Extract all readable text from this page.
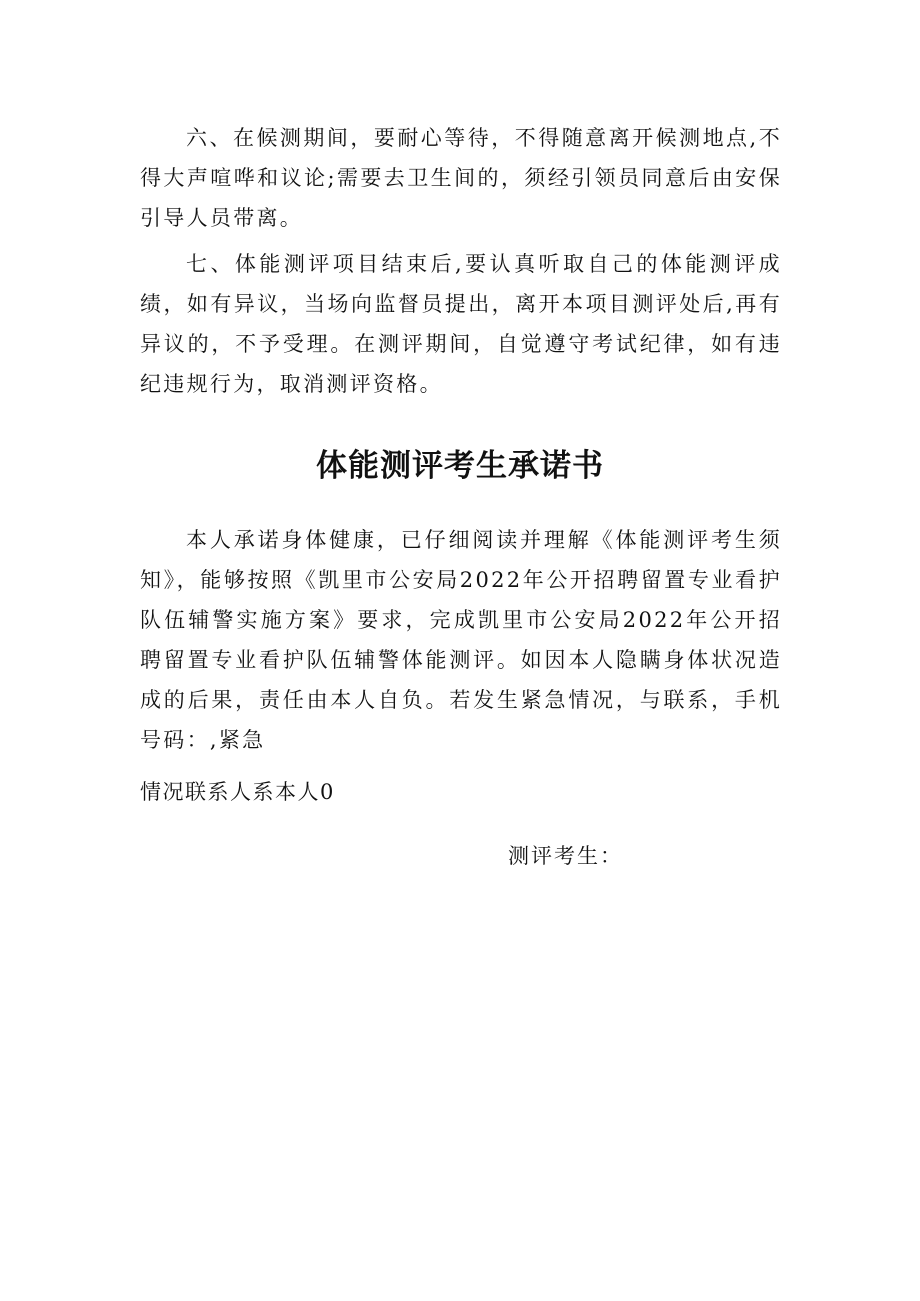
六、在候测期间，要耐心等待，不得随意离开候测地点,不得大声喧哗和议论;需要去卫生间的，须经引领员同意后由安保引导人员带离。

七、体能测评项目结束后,要认真听取自己的体能测评成绩，如有异议，当场向监督员提出，离开本项目测评处后,再有异议的，不予受理。在测评期间，自觉遵守考试纪律，如有违纪违规行为，取消测评资格。

体能测评考生承诺书

本人承诺身体健康，已仔细阅读并理解《体能测评考生须知》，能够按照《凯里市公安局2022年公开招聘留置专业看护队伍辅警实施方案》要求，完成凯里市公安局2022年公开招聘留置专业看护队伍辅警体能测评。如因本人隐瞒身体状况造成的后果，责任由本人自负。若发生紧急情况，与联系，手机号码：,紧急

情况联系人系本人0

测评考生：
